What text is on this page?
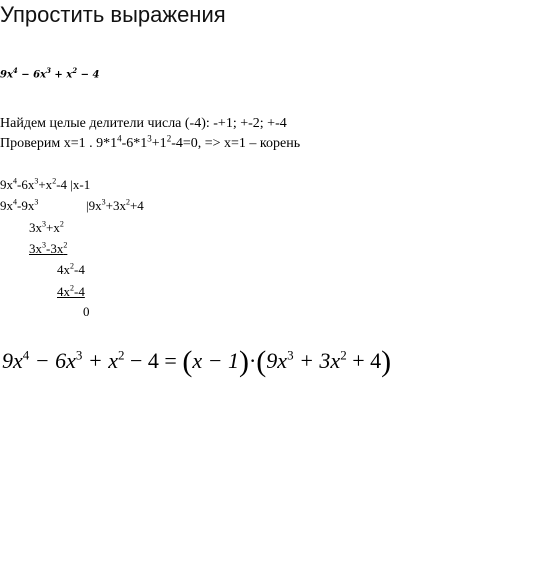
Упростить выражения
$9x^4 - 6x^3 + x^2 - 4$
Найдем целые делители числа (-4): -+1; +-2; +-4
Проверим x=1 . $9*1^4-6*1^3+1^2-4=0$, => x=1 – корень
$9x^4-6x^3+x^2-4$ |x-1
$9x^4-9x^3$	$|9x^3+3x^2+4$
$3x^3+x^2$
$3x^3-3x^2$
$4x^2-4$
$4x^2-4$
0
$9x^4 - 6x^3 + x^2 - 4 = (x - 1)\cdot(9x^3 + 3x^2 + 4)$
